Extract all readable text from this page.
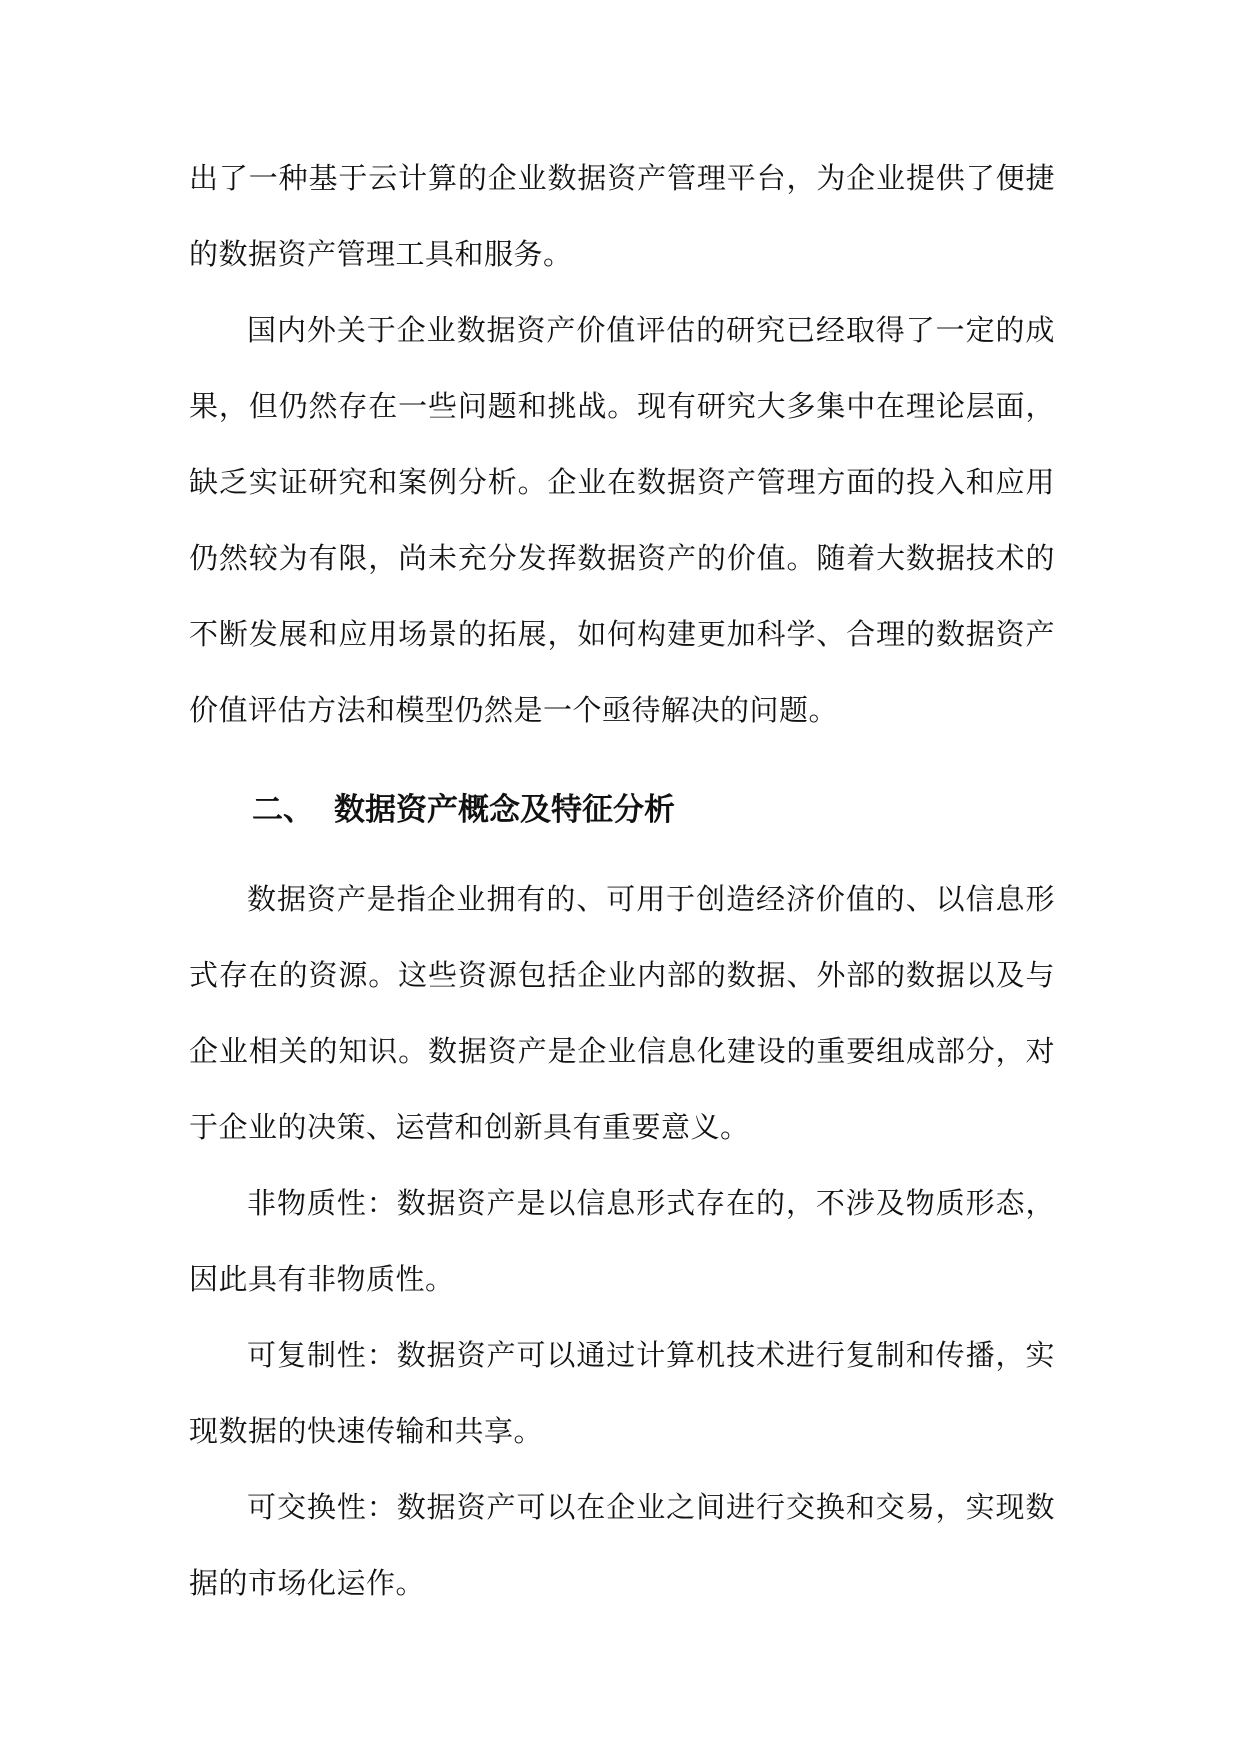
出了一种基于云计算的企业数据资产管理平台，为企业提供了便捷的数据资产管理工具和服务。

国内外关于企业数据资产价值评估的研究已经取得了一定的成果，但仍然存在一些问题和挑战。现有研究大多集中在理论层面，缺乏实证研究和案例分析。企业在数据资产管理方面的投入和应用仍然较为有限，尚未充分发挥数据资产的价值。随着大数据技术的不断发展和应用场景的拓展，如何构建更加科学、合理的数据资产价值评估方法和模型仍然是一个亟待解决的问题。

二、 数据资产概念及特征分析

数据资产是指企业拥有的、可用于创造经济价值的、以信息形式存在的资源。这些资源包括企业内部的数据、外部的数据以及与企业相关的知识。数据资产是企业信息化建设的重要组成部分，对于企业的决策、运营和创新具有重要意义。

非物质性：数据资产是以信息形式存在的，不涉及物质形态，因此具有非物质性。

可复制性：数据资产可以通过计算机技术进行复制和传播，实现数据的快速传输和共享。

可交换性：数据资产可以在企业之间进行交换和交易，实现数据的市场化运作。
